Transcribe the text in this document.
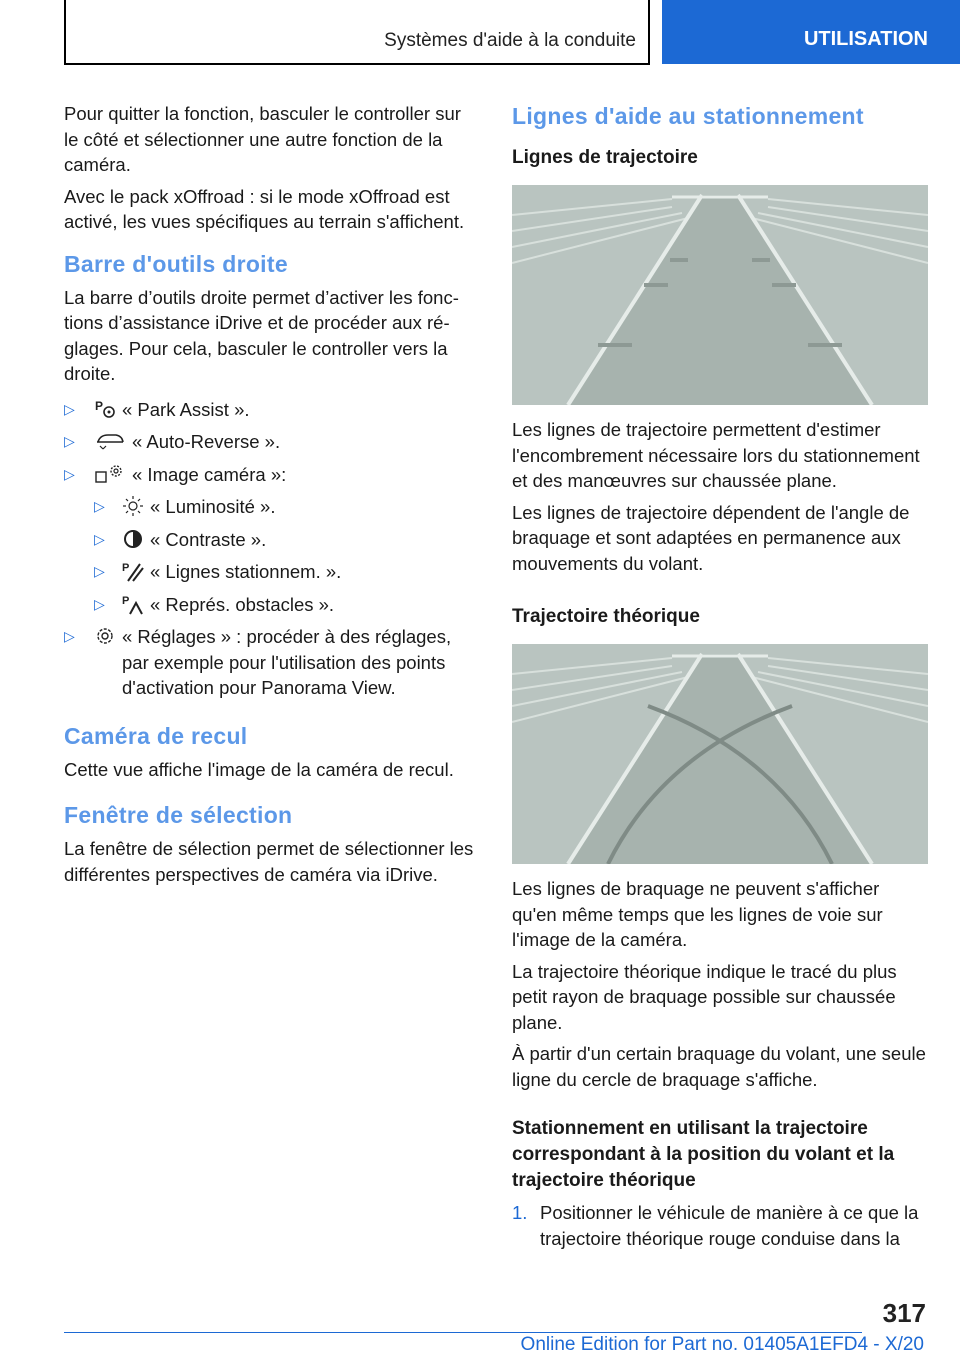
Systèmes d'aide à la conduite	UTILISATION

Pour quitter la fonction, basculer le controller sur le côté et sélectionner une autre fonction de la caméra.

Avec le pack xOffroad : si le mode xOffroad est activé, les vues spécifiques au terrain s'affichent.

Barre d'outils droite

La barre d’outils droite permet d’activer les fonctions d’assistance iDrive et de procéder aux réglages. Pour cela, basculer le controller vers la droite.

▷ P « Park Assist ».
▷	« Auto-Reverse ».
▷	« Image caméra »:
▷ « Luminosité ».
▷ « Contraste ».
▷ P « Lignes stationnem. ».
▷ P « Représ. obstacles ».
▷	« Réglages » : procéder à des réglages, par exemple pour l'utilisation des points d'activation pour Panorama View.
Caméra de recul

Cette vue affiche l'image de la caméra de recul.

Fenêtre de sélection

La fenêtre de sélection permet de sélectionner les différentes perspectives de caméra via iDrive.

Lignes d'aide au stationnement
Lignes de trajectoire

Les lignes de trajectoire permettent d'estimer l'encombrement nécessaire lors du stationnement et des manœuvres sur chaussée plane.

Les lignes de trajectoire dépendent de l'angle de braquage et sont adaptées en permanence aux mouvements du volant.

Trajectoire théorique

Les lignes de braquage ne peuvent s'afficher qu'en même temps que les lignes de voie sur l'image de la caméra.

La trajectoire théorique indique le tracé du plus petit rayon de braquage possible sur chaussée plane.

À partir d'un certain braquage du volant, une seule ligne du cercle de braquage s'affiche.

Stationnement en utilisant la trajectoire correspondant à la position du volant et la trajectoire théorique
1. Positionner le véhicule de manière à ce que la trajectoire théorique rouge conduise dans la
317
Online Edition for Part no. 01405A1EFD4 - X/20
